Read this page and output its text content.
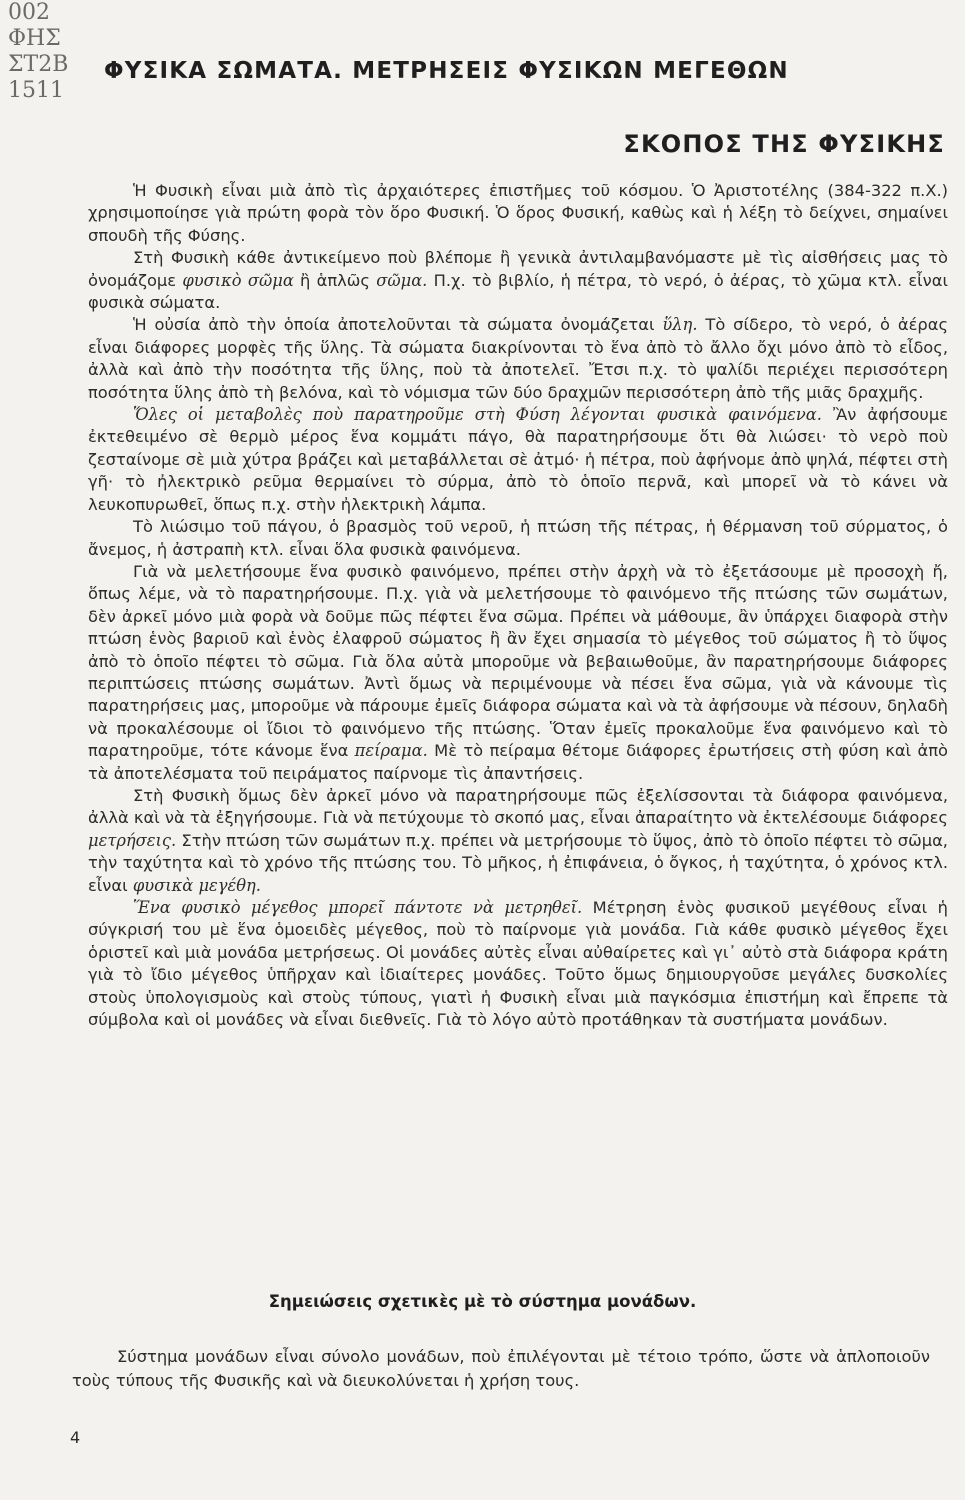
002
ΦΗΣ
ΣΤ2Β
1511
ΦΥΣΙΚΑ ΣΩΜΑΤΑ. ΜΕΤΡΗΣΕΙΣ ΦΥΣΙΚΩΝ ΜΕΓΕΘΩΝ
ΣΚΟΠΟΣ ΤΗΣ ΦΥΣΙΚΗΣ

Ἡ Φυσικὴ εἶναι μιὰ ἀπὸ τὶς ἀρχαιότερες ἐπιστῆμες τοῦ κόσμου. Ὁ Ἀριστοτέλης (384-322 π.Χ.) χρησιμοποίησε γιὰ πρώτη φορὰ τὸν ὅρο Φυσική. Ὁ ὅρος Φυσική, καθὼς καὶ ἡ λέξη τὸ δείχνει, σημαίνει σπουδὴ τῆς Φύσης.

Στὴ Φυσικὴ κάθε ἀντικείμενο ποὺ βλέπομε ἢ γενικὰ ἀντιλαμβανόμαστε μὲ τὶς αἰσθήσεις μας τὸ ὀνομάζομε φυσικὸ σῶμα ἢ ἁπλῶς σῶμα. Π.χ. τὸ βιβλίο, ἡ πέτρα, τὸ νερό, ὁ ἀέρας, τὸ χῶμα κτλ. εἶναι φυσικὰ σώματα.

Ἡ οὐσία ἀπὸ τὴν ὁποία ἀποτελοῦνται τὰ σώματα ὀνομάζεται ὕλη. Τὸ σίδερο, τὸ νερό, ὁ ἀέρας εἶναι διάφορες μορφὲς τῆς ὕλης. Τὰ σώματα διακρίνονται τὸ ἕνα ἀπὸ τὸ ἄλλο ὄχι μόνο ἀπὸ τὸ εἶδος, ἀλλὰ καὶ ἀπὸ τὴν ποσότητα τῆς ὕλης, ποὺ τὰ ἀποτελεῖ. Ἔτσι π.χ. τὸ ψαλίδι περιέχει περισσότερη ποσότητα ὕλης ἀπὸ τὴ βελόνα, καὶ τὸ νόμισμα τῶν δύο δραχμῶν περισσότερη ἀπὸ τῆς μιᾶς δραχμῆς.

Ὅλες οἱ μεταβολὲς ποὺ παρατηροῦμε στὴ Φύση λέγονται φυσικὰ φαινόμενα. Ἂν ἀφήσουμε ἐκτεθειμένο σὲ θερμὸ μέρος ἕνα κομμάτι πάγο, θὰ παρατηρήσουμε ὅτι θὰ λιώσει· τὸ νερὸ ποὺ ζεσταίνομε σὲ μιὰ χύτρα βράζει καὶ μεταβάλλεται σὲ ἀτμό· ἡ πέτρα, ποὺ ἀφήνομε ἀπὸ ψηλά, πέφτει στὴ γῆ· τὸ ἠλεκτρικὸ ρεῦμα θερμαίνει τὸ σύρμα, ἀπὸ τὸ ὁποῖο περνᾶ, καὶ μπορεῖ νὰ τὸ κάνει νὰ λευκοπυρωθεῖ, ὅπως π.χ. στὴν ἠλεκτρικὴ λάμπα.

Τὸ λιώσιμο τοῦ πάγου, ὁ βρασμὸς τοῦ νεροῦ, ἡ πτώση τῆς πέτρας, ἡ θέρμανση τοῦ σύρματος, ὁ ἄνεμος, ἡ ἀστραπὴ κτλ. εἶναι ὅλα φυσικὰ φαινόμενα.

Γιὰ νὰ μελετήσουμε ἕνα φυσικὸ φαινόμενο, πρέπει στὴν ἀρχὴ νὰ τὸ ἐξετάσουμε μὲ προσοχὴ ἤ, ὅπως λέμε, νὰ τὸ παρατηρήσουμε. Π.χ. γιὰ νὰ μελετήσουμε τὸ φαινόμενο τῆς πτώσης τῶν σωμάτων, δὲν ἀρκεῖ μόνο μιὰ φορὰ νὰ δοῦμε πῶς πέφτει ἕνα σῶμα. Πρέπει νὰ μάθουμε, ἂν ὑπάρχει διαφορὰ στὴν πτώση ἑνὸς βαριοῦ καὶ ἑνὸς ἐλαφροῦ σώματος ἢ ἂν ἔχει σημασία τὸ μέγεθος τοῦ σώματος ἢ τὸ ὕψος ἀπὸ τὸ ὁποῖο πέφτει τὸ σῶμα. Γιὰ ὅλα αὐτὰ μποροῦμε νὰ βεβαιωθοῦμε, ἂν παρατηρήσουμε διάφορες περιπτώσεις πτώσης σωμάτων. Ἀντὶ ὅμως νὰ περιμένουμε νὰ πέσει ἕνα σῶμα, γιὰ νὰ κάνουμε τὶς παρατηρήσεις μας, μποροῦμε νὰ πάρουμε ἐμεῖς διάφορα σώματα καὶ νὰ τὰ ἀφήσουμε νὰ πέσουν, δηλαδὴ νὰ προκαλέσουμε οἱ ἴδιοι τὸ φαινόμενο τῆς πτώσης. Ὅταν ἐμεῖς προκαλοῦμε ἕνα φαινόμενο καὶ τὸ παρατηροῦμε, τότε κάνομε ἕνα πείραμα. Μὲ τὸ πείραμα θέτομε διάφορες ἐρωτήσεις στὴ φύση καὶ ἀπὸ τὰ ἀποτελέσματα τοῦ πειράματος παίρνομε τὶς ἀπαντήσεις.

Στὴ Φυσικὴ ὅμως δὲν ἀρκεῖ μόνο νὰ παρατηρήσουμε πῶς ἐξελίσσονται τὰ διάφορα φαινόμενα, ἀλλὰ καὶ νὰ τὰ ἐξηγήσουμε. Γιὰ νὰ πετύχουμε τὸ σκοπό μας, εἶναι ἀπαραίτητο νὰ ἐκτελέσουμε διάφορες μετρήσεις. Στὴν πτώση τῶν σωμάτων π.χ. πρέπει νὰ μετρήσουμε τὸ ὕψος, ἀπὸ τὸ ὁποῖο πέφτει τὸ σῶμα, τὴν ταχύτητα καὶ τὸ χρόνο τῆς πτώσης του. Τὸ μῆκος, ἡ ἐπιφάνεια, ὁ ὄγκος, ἡ ταχύτητα, ὁ χρόνος κτλ. εἶναι φυσικὰ μεγέθη.

Ἕνα φυσικὸ μέγεθος μπορεῖ πάντοτε νὰ μετρηθεῖ. Μέτρηση ἑνὸς φυσικοῦ μεγέθους εἶναι ἡ σύγκρισή του μὲ ἕνα ὁμοειδὲς μέγεθος, ποὺ τὸ παίρνομε γιὰ μονάδα. Γιὰ κάθε φυσικὸ μέγεθος ἔχει ὁριστεῖ καὶ μιὰ μονάδα μετρήσεως. Οἱ μονάδες αὐτὲς εἶναι αὐθαίρετες καὶ γι᾽ αὐτὸ στὰ διάφορα κράτη γιὰ τὸ ἴδιο μέγεθος ὑπῆρχαν καὶ ἰδιαίτερες μονάδες. Τοῦτο ὅμως δημιουργοῦσε μεγάλες δυσκολίες στοὺς ὑπολογισμοὺς καὶ στοὺς τύπους, γιατὶ ἡ Φυσικὴ εἶναι μιὰ παγκόσμια ἐπιστήμη καὶ ἔπρεπε τὰ σύμβολα καὶ οἱ μονάδες νὰ εἶναι διεθνεῖς. Γιὰ τὸ λόγο αὐτὸ προτάθηκαν τὰ συστήματα μονάδων.

Σημειώσεις σχετικὲς μὲ τὸ σύστημα μονάδων.

Σύστημα μονάδων εἶναι σύνολο μονάδων, ποὺ ἐπιλέγονται μὲ τέτοιο τρόπο, ὥστε νὰ ἁπλοποιοῦν τοὺς τύπους τῆς Φυσικῆς καὶ νὰ διευκολύνεται ἡ χρήση τους.

4
